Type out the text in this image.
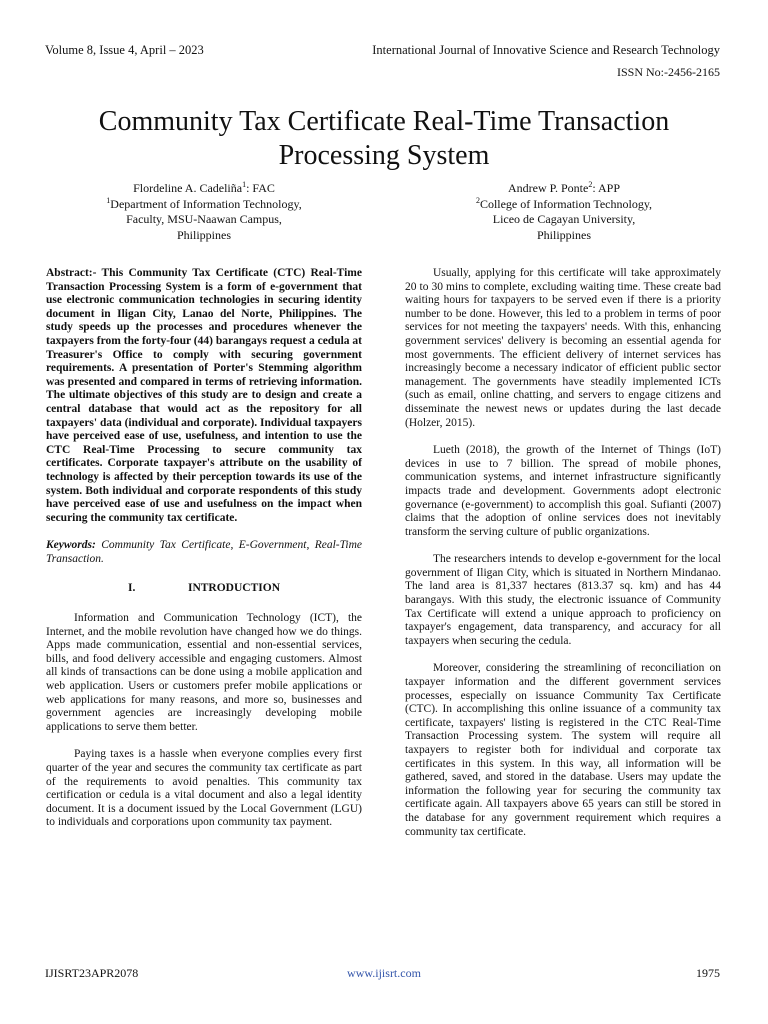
Volume 8, Issue 4, April – 2023	International Journal of Innovative Science and Research Technology
ISSN No:-2456-2165
Community Tax Certificate Real-Time Transaction Processing System
Flordeline A. Cadeliña$^1$: FAC
$^1$Department of Information Technology,
Faculty, MSU-Naawan Campus,
Philippines
Andrew P. Ponte$^2$: APP
$^2$College of Information Technology,
Liceo de Cagayan University,
Philippines

Abstract:- This Community Tax Certificate (CTC) Real-Time Transaction Processing System is a form of e-government that use electronic communication technologies in securing identity document in Iligan City, Lanao del Norte, Philippines. The study speeds up the processes and procedures whenever the taxpayers from the forty-four (44) barangays request a cedula at Treasurer's Office to comply with securing government requirements. A presentation of Porter's Stemming algorithm was presented and compared in terms of retrieving information. The ultimate objectives of this study are to design and create a central database that would act as the repository for all taxpayers' data (individual and corporate). Individual taxpayers have perceived ease of use, usefulness, and intention to use the CTC Real-Time Processing to secure community tax certificates. Corporate taxpayer's attribute on the usability of technology is affected by their perception towards its use of the system. Both individual and corporate respondents of this study have perceived ease of use and usefulness on the impact when securing the community tax certificate.

Keywords: Community Tax Certificate, E-Government, Real-Time Transaction.

I.	INTRODUCTION

Information and Communication Technology (ICT), the Internet, and the mobile revolution have changed how we do things. Apps made communication, essential and non-essential services, bills, and food delivery accessible and engaging customers. Almost all kinds of transactions can be done using a mobile application and web application. Users or customers prefer mobile applications or web applications for many reasons, and more so, businesses and government agencies are increasingly developing mobile applications to serve them better.

Paying taxes is a hassle when everyone complies every first quarter of the year and secures the community tax certificate as part of the requirements to avoid penalties. This community tax certification or cedula is a vital document and also a legal identity document. It is a document issued by the Local Government (LGU) to individuals and corporations upon community tax payment.

Usually, applying for this certificate will take approximately 20 to 30 mins to complete, excluding waiting time. These create bad waiting hours for taxpayers to be served even if there is a priority number to be done. However, this led to a problem in terms of poor services for not meeting the taxpayers' needs. With this, enhancing government services' delivery is becoming an essential agenda for most governments. The efficient delivery of internet services has increasingly become a necessary indicator of efficient public sector management. The governments have steadily implemented ICTs (such as email, online chatting, and servers to engage citizens and disseminate the newest news or updates during the last decade (Holzer, 2015).

Lueth (2018), the growth of the Internet of Things (IoT) devices in use to 7 billion. The spread of mobile phones, communication systems, and internet infrastructure significantly impacts trade and development. Governments adopt electronic governance (e-government) to accomplish this goal. Sufianti (2007) claims that the adoption of online services does not inevitably transform the serving culture of public organizations.

The researchers intends to develop e-government for the local government of Iligan City, which is situated in Northern Mindanao. The land area is 81,337 hectares (813.37 sq. km) and has 44 barangays. With this study, the electronic issuance of Community Tax Certificate will extend a unique approach to proficiency on taxpayer's engagement, data transparency, and accuracy for all taxpayers when securing the cedula.

Moreover, considering the streamlining of reconciliation on taxpayer information and the different government services processes, especially on issuance Community Tax Certificate (CTC). In accomplishing this online issuance of a community tax certificate, taxpayers' listing is registered in the CTC Real-Time Transaction Processing system. The system will require all taxpayers to register both for individual and corporate tax certificates in this system. In this way, all information will be gathered, saved, and stored in the database. Users may update the information the following year for securing the community tax certificate again. All taxpayers above 65 years can still be stored in the database for any government requirement which requires a community tax certificate.

IJISRT23APR2078	www.ijisrt.com	1975
